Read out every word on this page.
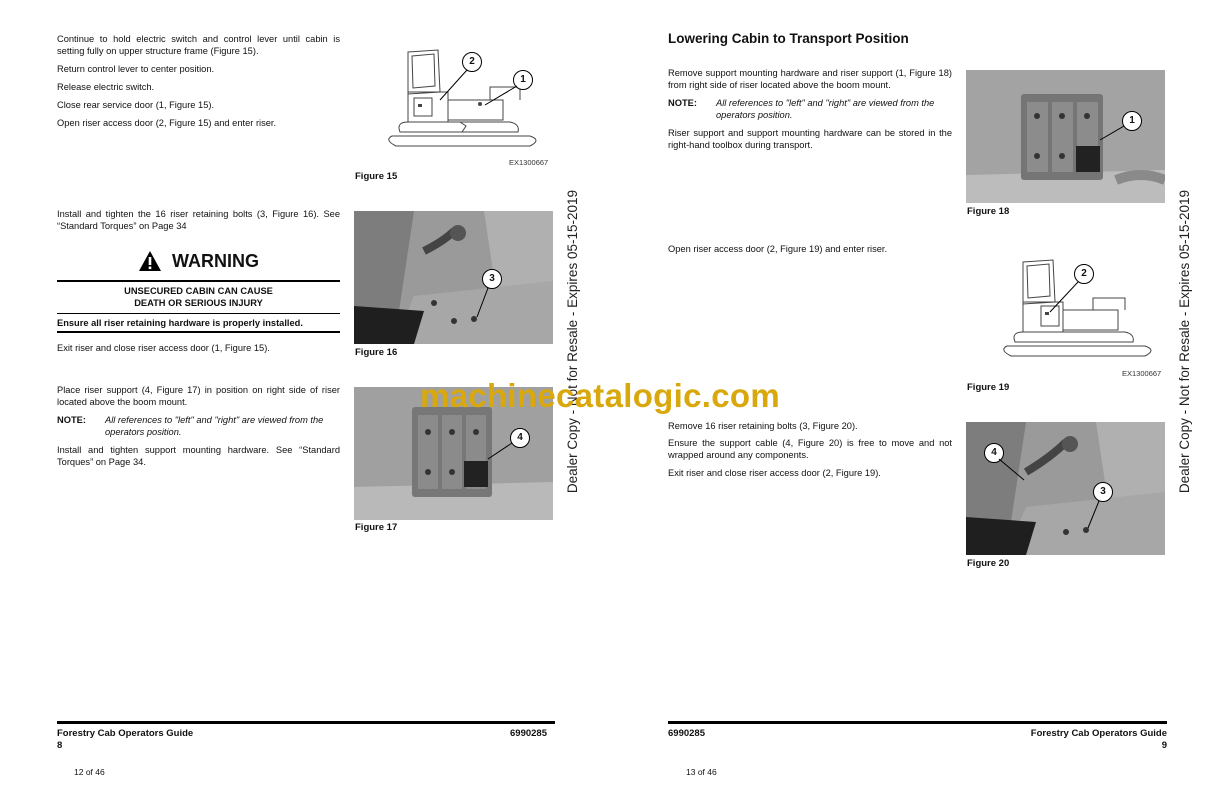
Continue to hold electric switch and control lever until cabin is setting fully on upper structure frame (Figure 15).

Return control lever to center position.

Release electric switch.

Close rear service door (1, Figure 15).

Open riser access door (2, Figure 15) and enter riser.

2
1
EX1300667
Figure 15

Install and tighten the 16 riser retaining bolts (3, Figure 16). See “Standard Torques” on Page 34

WARNING
UNSECURED CABIN CAN CAUSE
DEATH OR SERIOUS INJURY
Ensure all riser retaining hardware is properly installed.

Exit riser and close riser access door (1, Figure 15).

3
Figure 16

Place riser support (4, Figure 17) in position on right side of riser located above the boom mount.

NOTE:	All references to "left" and "right" are viewed from the operators position.

Install and tighten support mounting hardware. See “Standard Torques” on Page 34.

4
Figure 17
Forestry Cab Operators Guide
8
6990285
12 of 46
Dealer Copy - Not for Resale - Expires 05-15-2019
Lowering Cabin to Transport Position

Remove support mounting hardware and riser support (1, Figure 18) from right side of riser located above the boom mount.

NOTE:	All references to "left" and "right" are viewed from the operators position.

Riser support and support mounting hardware can be stored in the right-hand toolbox during transport.

1
Figure 18

Open riser access door (2, Figure 19) and enter riser.

2
EX1300667
Figure 19

Remove 16 riser retaining bolts (3, Figure 20).

Ensure the support cable (4, Figure 20) is free to move and not wrapped around any components.

Exit riser and close riser access door (2, Figure 19).

4
3
Figure 20
6990285	Forestry Cab Operators Guide
9
13 of 46
Dealer Copy - Not for Resale - Expires 05-15-2019
machinecatalogic.com
